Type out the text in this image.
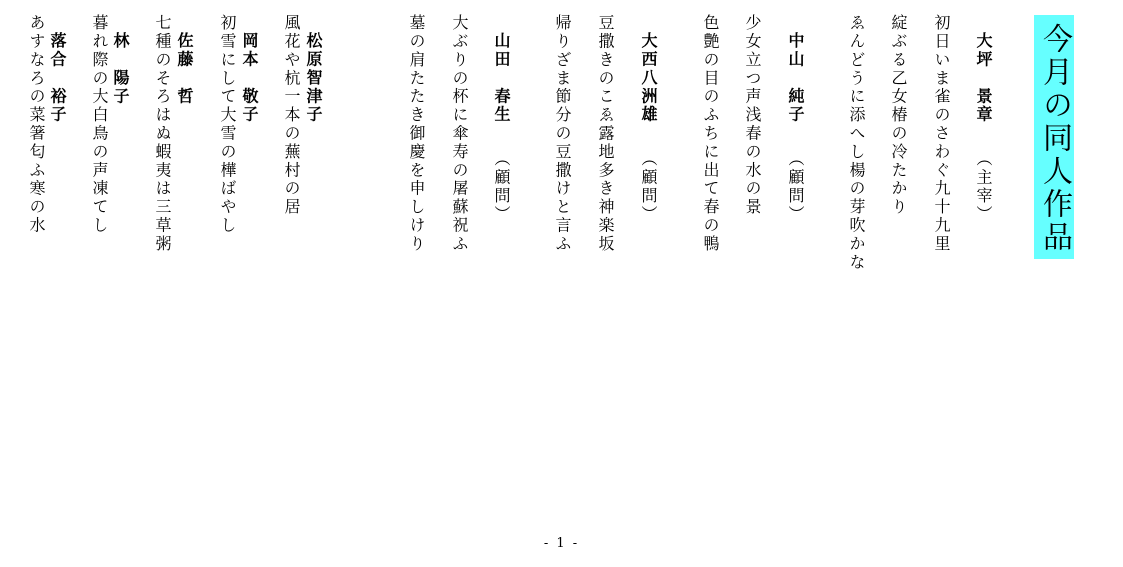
今月の同人作品
大坪　景章（主宰）
初日いま雀のさわぐ九十九里
綻ぶる乙女椿の冷たかり
ゑんどうに添へし楊の芽吹かな
中山　純子（顧問）
少女立つ声浅春の水の景
色艶の目のふちに出て春の鴨
大西八洲雄（顧問）
豆撒きのこゑ露地多き神楽坂
帰りざま節分の豆撒けと言ふ
山田　春生（顧問）
大ぶりの杯に傘寿の屠蘇祝ふ
墓の肩たたき御慶を申しけり
松原智津子
風花や杭一本の蕪村の居
岡本　敬子
初雪にして大雪の樺ばやし
佐藤　哲
七種のそろはぬ蝦夷は三草粥
林　陽子
暮れ際の大白鳥の声凍てし
落合　裕子
あすなろの菜箸匂ふ寒の水
- 1 -
